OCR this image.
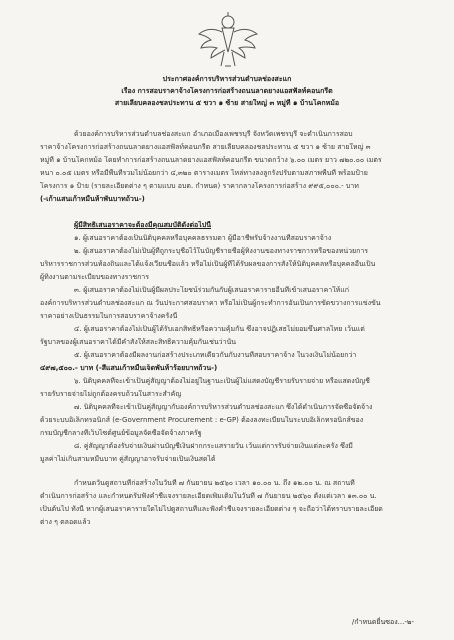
ประกาศองค์การบริหารส่วนตำบลช่องสะแก
เรื่อง การสอบราคาจ้างโครงการก่อสร้างถนนลาดยางแอสฟัลท์คอนกรีต
สายเลียบคลองชลประทาน ๕ ขวา ๑ ซ้าย สายใหญ่ ๓ หมู่ที่ ๑ บ้านโคกหม้อ
ด้วยองค์การบริหารส่วนตำบลช่องสะแก อำเภอเมืองเพชรบุรี จังหวัดเพชรบุรี จะดำเนินการสอบ
ราคาจ้างโครงการก่อสร้างถนนลาดยางแอสฟัลท์คอนกรีต สายเลียบคลองชลประทาน ๕ ขวา ๑ ซ้าย สายใหญ่ ๓
หมู่ที่ ๑ บ้านโคกหม้อ โดยทำการก่อสร้างถนนลาดยางแอสฟัลท์คอนกรีต ขนาดกว้าง ๖.๐๐ เมตร ยาว ๗๒๐.๐๐ เมตร
หนา ๐.๐๕ เมตร หรือมีพื้นที่รวมไม่น้อยกว่า ๔,๓๒๐ ตารางเมตร ไหล่ทางลงลูกรังปรับตามสภาพพื้นที่ พร้อมป้าย
โครงการ ๑ ป้าย (รายละเอียดต่าง ๆ ตามแบบ อบต. กำหนด) ราคากลางโครงการก่อสร้าง ๙๙๕,๐๐๐.- บาท
(-เก้าแสนเก้าหมื่นห้าพันบาทถ้วน-)
ผู้มีสิทธิเสนอราคาจะต้องมีคุณสมบัติดังต่อไปนี้
๑. ผู้เสนอราคาต้องเป็นนิติบุคคลหรือบุคคลธรรมดา ผู้มีอาชีพรับจ้างงานที่สอบราคาจ้าง
๒. ผู้เสนอราคาต้องไม่เป็นผู้ที่ถูกระบุชื่อไว้ในบัญชีรายชื่อผู้ทิ้งงานของทางราชการหรือของหน่วยการ
บริหารราชการส่วนท้องถิ่นและได้แจ้งเวียนชื่อแล้ว หรือไม่เป็นผู้ที่ได้รับผลของการสั่งให้นิติบุคคลหรือบุคคลอื่นเป็น
ผู้ทิ้งงานตามระเบียบของทางราชการ
๓. ผู้เสนอราคาต้องไม่เป็นผู้มีผลประโยชน์ร่วมกันกับผู้เสนอราคารายอื่นที่เข้าเสนอราคาให้แก่
องค์การบริหารส่วนตำบลช่องสะแก ณ วันประกาศสอบราคา หรือไม่เป็นผู้กระทำการอันเป็นการขัดขวางการแข่งขัน
ราคาอย่างเป็นธรรมในการสอบราคาจ้างครั้งนี้
๔. ผู้เสนอราคาต้องไม่เป็นผู้ได้รับเอกสิทธิ์หรือความคุ้มกัน ซึ่งอาจปฏิเสธไม่ยอมขึ้นศาลไทย เว้นแต่
รัฐบาลของผู้เสนอราคาได้มีคำสั่งให้สละสิทธิ์ความคุ้มกันเช่นว่านั้น
๕. ผู้เสนอราคาต้องมีผลงานก่อสร้างประเภทเดียวกันกับงานที่สอบราคาจ้าง ในวงเงินไม่น้อยกว่า
๔๙๗,๕๐๐.- บาท (-สี่แสนเก้าหมื่นเจ็ดพันห้าร้อยบาทถ้วน-)
๖. นิติบุคคลที่จะเข้าเป็นคู่สัญญาต้องไม่อยู่ในฐานะเป็นผู้ไม่แสดงบัญชีรายรับรายจ่าย หรือแสดงบัญชี
รายรับรายจ่ายไม่ถูกต้องครบถ้วนในสาระสำคัญ
๗. นิติบุคคลที่จะเข้าเป็นคู่สัญญากับองค์การบริหารส่วนตำบลช่องสะแก ซึ่งได้ดำเนินการจัดซื้อจัดจ้าง
ด้วยระบบอิเล็กทรอนิกส์ (e-Government Procurement : e-GP) ต้องลงทะเบียนในระบบอิเล็กทรอนิกส์ของ
กรมบัญชีกลางที่เว็บไซต์ศูนย์ข้อมูลจัดซื้อจัดจ้างภาครัฐ
๘. คู่สัญญาต้องรับจ่ายเงินผ่านบัญชีเงินฝากกระแสรายวัน เว้นแต่การรับจ่ายเงินแต่ละครั้ง ซึ่งมี
มูลค่าไม่เกินสามหมื่นบาท คู่สัญญาอาจรับจ่ายเป็นเงินสดได้
กำหนดวันดูสถานที่ก่อสร้างในวันที่ ๗ กันยายน ๒๕๖๐ เวลา ๑๐.๐๐ น. ถึง ๑๒.๐๐ น. ณ สถานที่
ดำเนินการก่อสร้าง และกำหนดรับฟังคำชี้แจงรายละเอียดเพิ่มเติมในวันที่ ๗ กันยายน ๒๕๖๐ ตั้งแต่เวลา ๑๓.๐๐ น.
เป็นต้นไป ทั้งนี้ หากผู้เสนอราคารายใดไม่ไปดูสถานที่และฟังคำชี้แจงรายละเอียดต่าง ๆ จะถือว่าได้ทราบรายละเอียด
ต่าง ๆ ตลอดแล้ว
/กำหนดยื่นซอง...-๒-
